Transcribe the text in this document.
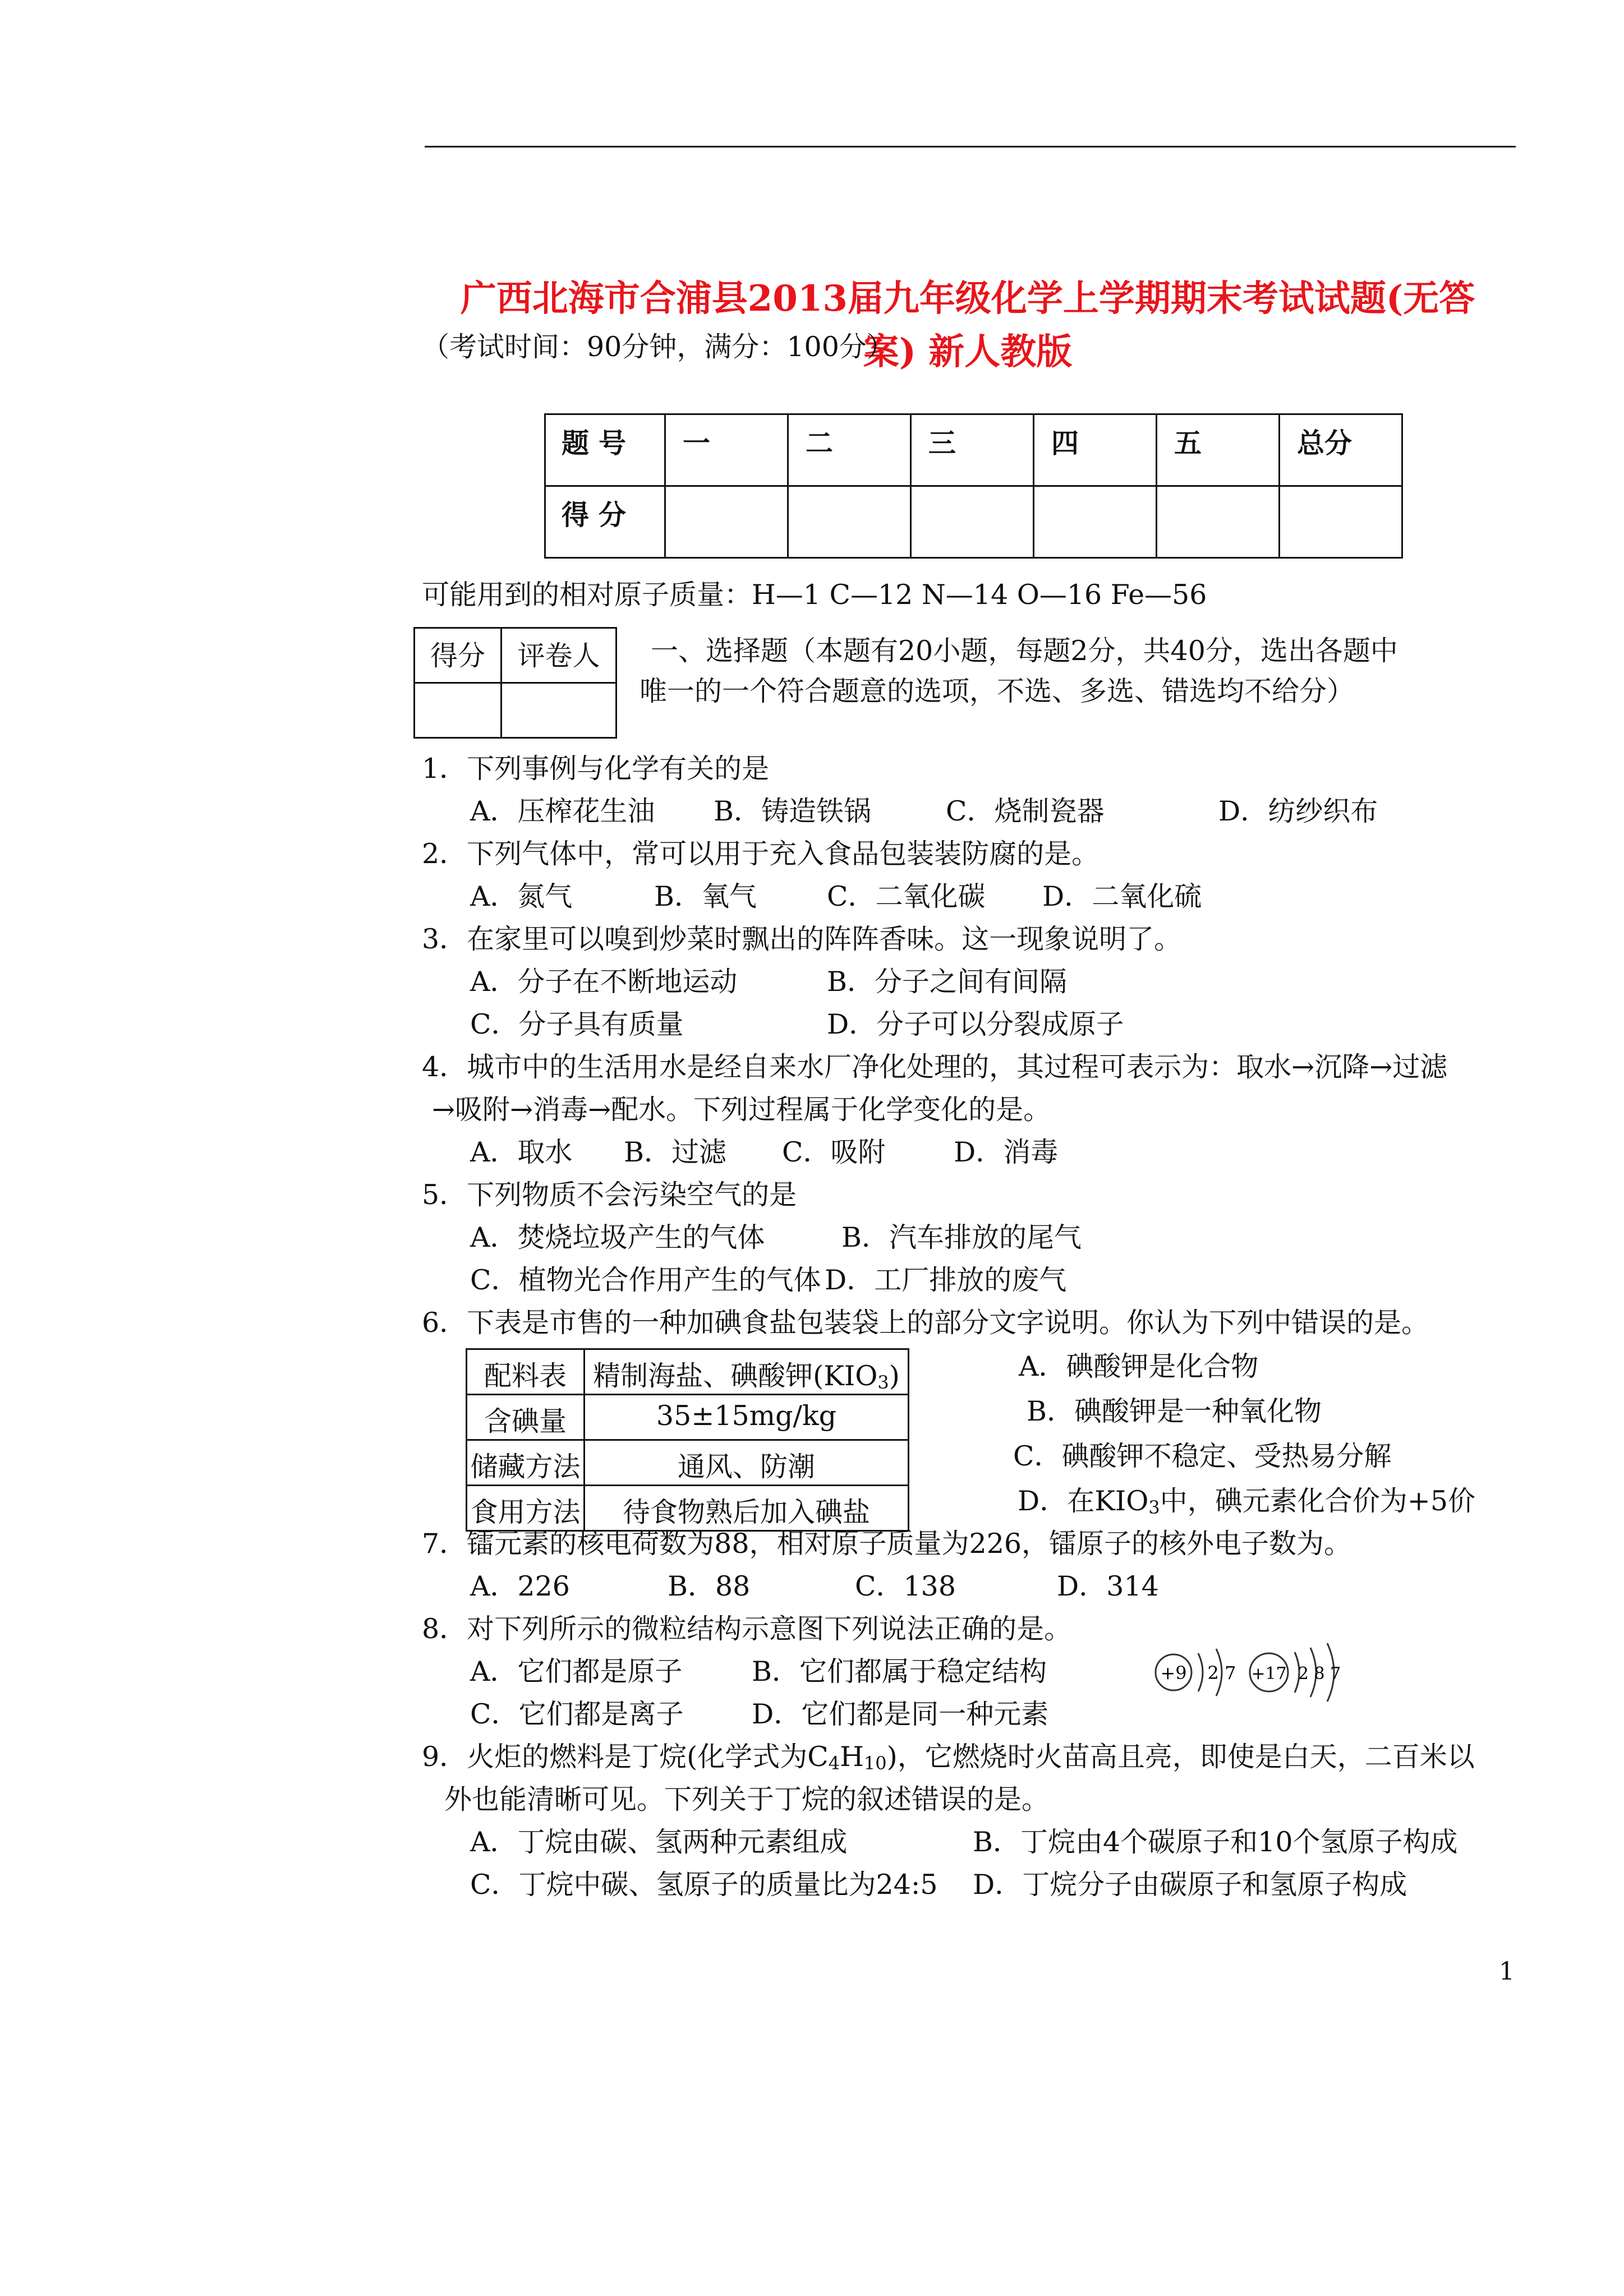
广西北海市合浦县2013届九年级化学上学期期末考试试题(无答
案) 新人教版
（考试时间：90分钟，满分：100分）
题 号	一	二	三	四	五	总分
得 分						
可能用到的相对原子质量：H—1 C—12 N—14 O—16 Fe—56
得分	评卷人
	一、选择题（本题有20小题，每题2分，共40分，选出各题中
唯一的一个符合题意的选项，不选、多选、错选均不给分）
1．下列事例与化学有关的是
A．压榨花生油 B．铸造铁锅	C．烧制瓷器	D．纺纱织布
2．下列气体中，常可以用于充入食品包装装防腐的是。
A．氮气	B．氧气	C．二氧化碳 D．二氧化硫
3．在家里可以嗅到炒菜时飘出的阵阵香味。这一现象说明了。
A．分子在不断地运动	B．分子之间有间隔
C．分子具有质量	D．分子可以分裂成原子
4．城市中的生活用水是经自来水厂净化处理的，其过程可表示为：取水→沉降→过滤
→吸附→消毒→配水。下列过程属于化学变化的是。
A．取水 B．过滤 C．吸附 D．消毒
5．下列物质不会污染空气的是
A．焚烧垃圾产生的气体	B．汽车排放的尾气
C．植物光合作用产生的气体 D．工厂排放的废气
6．下表是市售的一种加碘食盐包装袋上的部分文字说明。你认为下列中错误的是。
配料表	精制海盐、碘酸钾$(KIO_3)$
含碘量	35±15mg/kg
储藏方法	通风、防潮
食用方法	待食物熟后加入碘盐
A．碘酸钾是化合物
B．碘酸钾是一种氧化物
C．碘酸钾不稳定、受热易分解
D．在$KIO_3$中，碘元素化合价为+5价
7．镭元素的核电荷数为88，相对原子质量为226，镭原子的核外电子数为。
A．226	B．88	C．138	D．314
8．对下列所示的微粒结构示意图下列说法正确的是。
A．它们都是原子	B．它们都属于稳定结构
C．它们都是离子 D．它们都是同一种元素
+9 2 7 +17 2 8 7
9．火炬的燃料是丁烷(化学式为$C_4H_{10}$)，它燃烧时火苗高且亮，即使是白天，二百米以
外也能清晰可见。下列关于丁烷的叙述错误的是。
A．丁烷由碳、氢两种元素组成	B．丁烷由4个碳原子和10个氢原子构成
C．丁烷中碳、氢原子的质量比为24:5 D．丁烷分子由碳原子和氢原子构成
1
